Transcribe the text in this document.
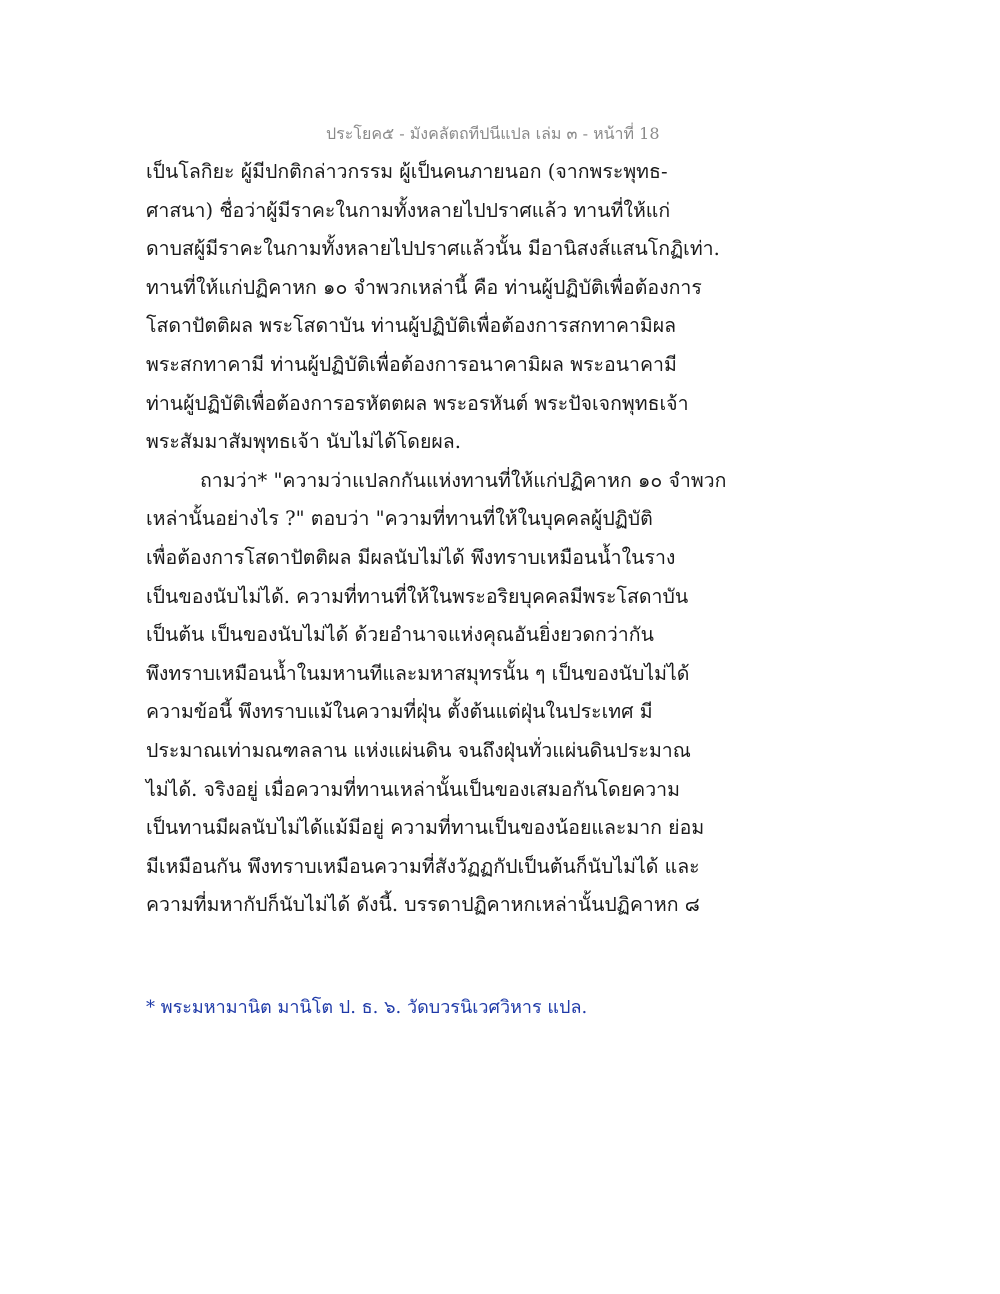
ประโยค๕ - มังคลัตถทีปนีแปล เล่ม ๓ - หน้าที่ 18
เป็นโลกิยะ ผู้มีปกติกล่าวกรรม ผู้เป็นคนภายนอก (จากพระพุทธ-
ศาสนา) ชื่อว่าผู้มีราคะในกามทั้งหลายไปปราศแล้ว ทานที่ให้แก่
ดาบสผู้มีราคะในกามทั้งหลายไปปราศแล้วนั้น มีอานิสงส์แสนโกฏิเท่า.
ทานที่ให้แก่ปฏิคาหก ๑๐ จำพวกเหล่านี้ คือ ท่านผู้ปฏิบัติเพื่อต้องการ
โสดาปัตติผล พระโสดาบัน ท่านผู้ปฏิบัติเพื่อต้องการสกทาคามิผล
พระสกทาคามี ท่านผู้ปฏิบัติเพื่อต้องการอนาคามิผล พระอนาคามี
ท่านผู้ปฏิบัติเพื่อต้องการอรหัตตผล พระอรหันต์ พระปัจเจกพุทธเจ้า
พระสัมมาสัมพุทธเจ้า นับไม่ได้โดยผล.
ถามว่า* "ความว่าแปลกกันแห่งทานที่ให้แก่ปฏิคาหก ๑๐ จำพวก
เหล่านั้นอย่างไร ?" ตอบว่า "ความที่ทานที่ให้ในบุคคลผู้ปฏิบัติ
เพื่อต้องการโสดาปัตติผล มีผลนับไม่ได้ พึงทราบเหมือนน้ำในราง
เป็นของนับไม่ได้. ความที่ทานที่ให้ในพระอริยบุคคลมีพระโสดาบัน
เป็นต้น เป็นของนับไม่ได้ ด้วยอำนาจแห่งคุณอันยิ่งยวดกว่ากัน
พึงทราบเหมือนน้ำในมหานทีและมหาสมุทรนั้น ๆ เป็นของนับไม่ได้
ความข้อนี้ พึงทราบแม้ในความที่ฝุ่น ตั้งต้นแต่ฝุ่นในประเทศ มี
ประมาณเท่ามณฑลลาน แห่งแผ่นดิน จนถึงฝุ่นทั่วแผ่นดินประมาณ
ไม่ได้. จริงอยู่ เมื่อความที่ทานเหล่านั้นเป็นของเสมอกันโดยความ
เป็นทานมีผลนับไม่ได้แม้มีอยู่ ความที่ทานเป็นของน้อยและมาก ย่อม
มีเหมือนกัน พึงทราบเหมือนความที่สังวัฏฏกัปเป็นต้นก็นับไม่ได้ และ
ความที่มหากัปก็นับไม่ได้ ดังนี้. บรรดาปฏิคาหกเหล่านั้นปฏิคาหก ๘
* พระมหามานิต มานิโต ป. ธ. ๖. วัดบวรนิเวศวิหาร แปล.
